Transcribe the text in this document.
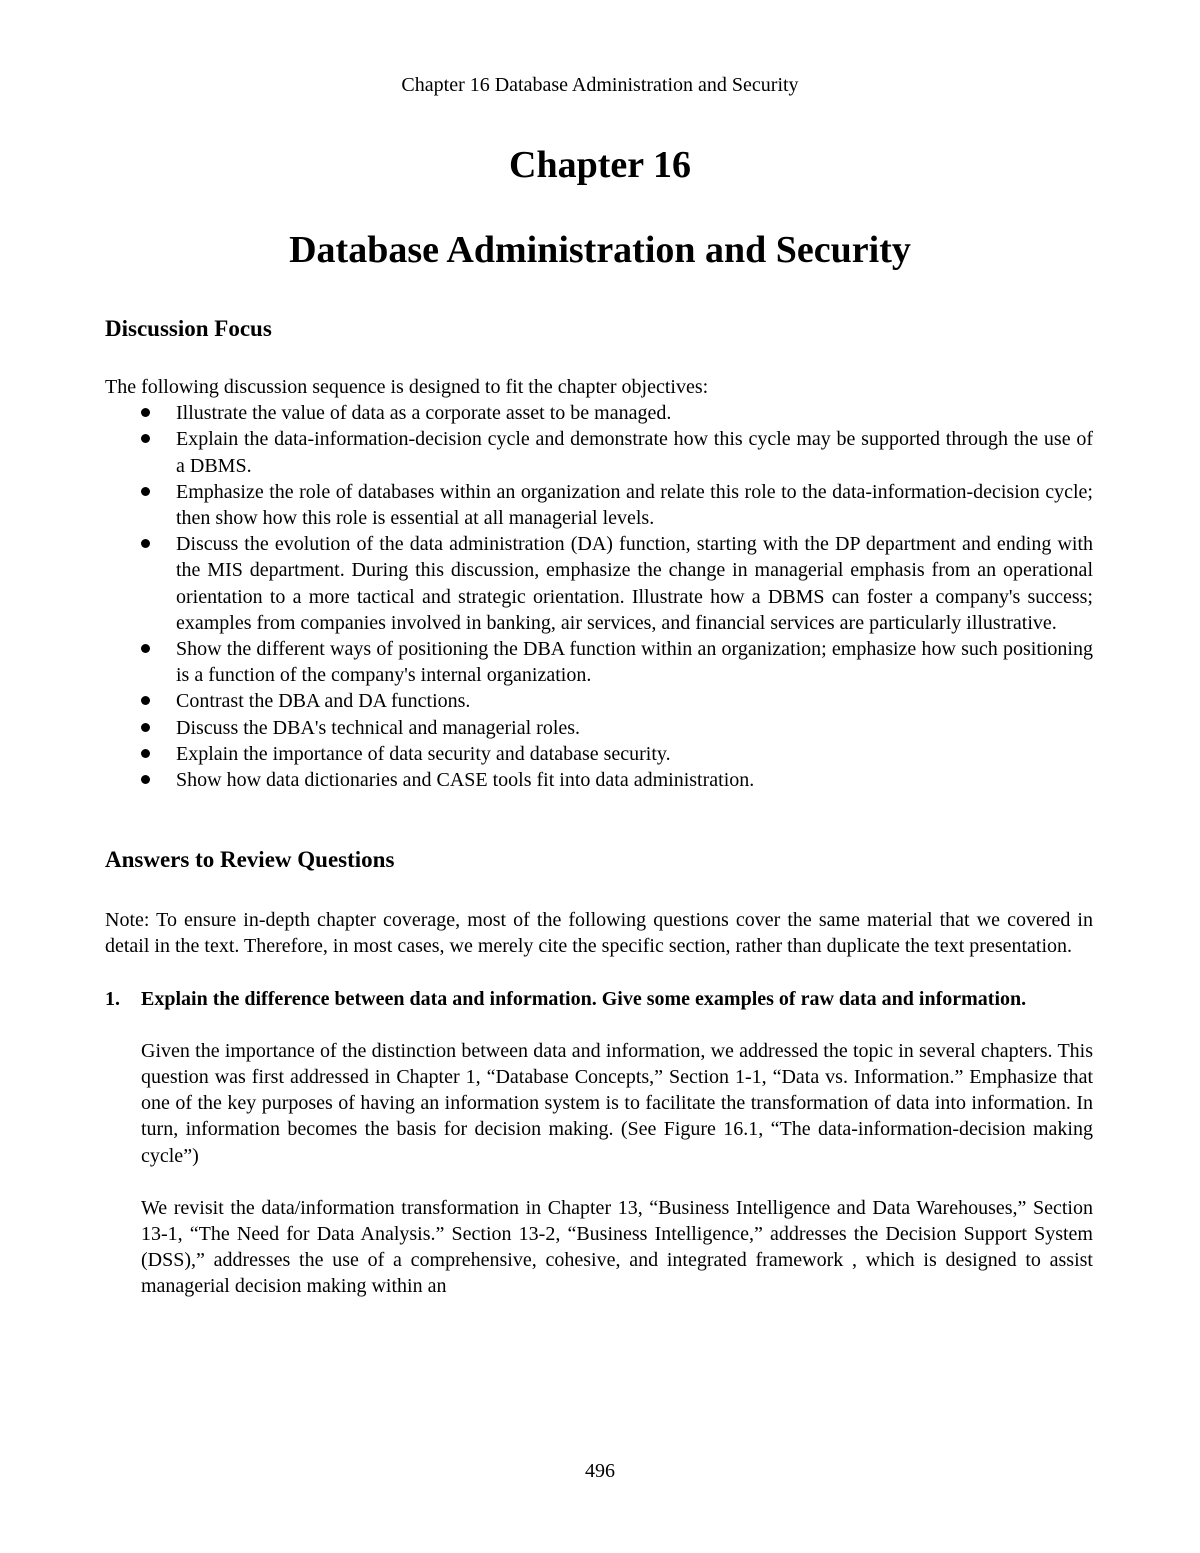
Chapter 16 Database Administration and Security
Chapter 16
Database Administration and Security
Discussion Focus

The following discussion sequence is designed to fit the chapter objectives:

Illustrate the value of data as a corporate asset to be managed.
Explain the data-information-decision cycle and demonstrate how this cycle may be supported through the use of a DBMS.
Emphasize the role of databases within an organization and relate this role to the data-information-decision cycle; then show how this role is essential at all managerial levels.
Discuss the evolution of the data administration (DA) function, starting with the DP department and ending with the MIS department. During this discussion, emphasize the change in managerial emphasis from an operational orientation to a more tactical and strategic orientation. Illustrate how a DBMS can foster a company's success; examples from companies involved in banking, air services, and financial services are particularly illustrative.
Show the different ways of positioning the DBA function within an organization; emphasize how such positioning is a function of the company's internal organization.
Contrast the DBA and DA functions.
Discuss the DBA's technical and managerial roles.
Explain the importance of data security and database security.
Show how data dictionaries and CASE tools fit into data administration.
Answers to Review Questions

Note: To ensure in-depth chapter coverage, most of the following questions cover the same material that we covered in detail in the text. Therefore, in most cases, we merely cite the specific section, rather than duplicate the text presentation.

1. Explain the difference between data and information. Give some examples of raw data and information.

Given the importance of the distinction between data and information, we addressed the topic in several chapters. This question was first addressed in Chapter 1, “Database Concepts,” Section 1-1, “Data vs. Information.” Emphasize that one of the key purposes of having an information system is to facilitate the transformation of data into information. In turn, information becomes the basis for decision making. (See Figure 16.1, “The data-information-decision making cycle”)

We revisit the data/information transformation in Chapter 13, “Business Intelligence and Data Warehouses,” Section 13-1, “The Need for Data Analysis.” Section 13-2, “Business Intelligence,” addresses the Decision Support System (DSS),” addresses the use of a comprehensive, cohesive, and integrated framework , which is designed to assist managerial decision making within an

496
